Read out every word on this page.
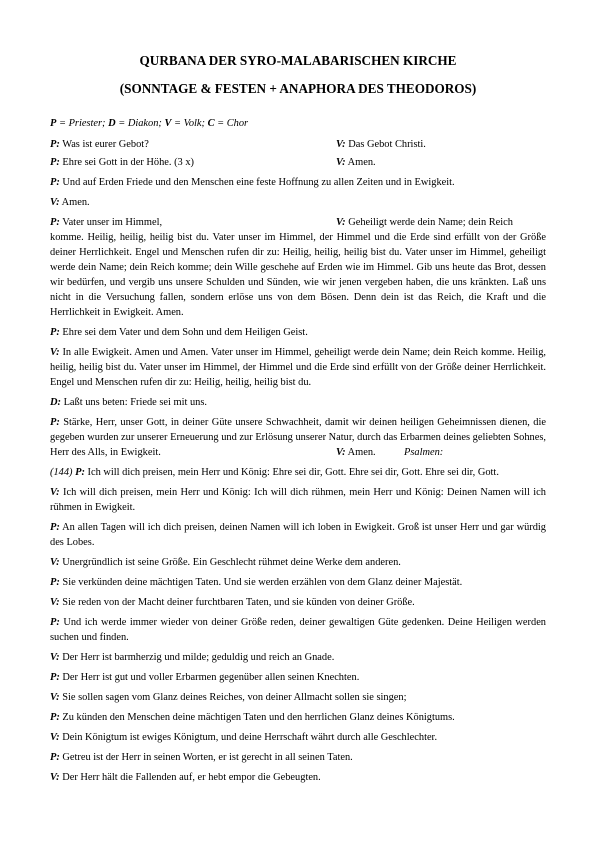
QURBANA DER SYRO-MALABARISCHEN KIRCHE
(SONNTAGE & FESTEN + ANAPHORA DES THEODOROS)
P = Priester; D = Diakon; V = Volk; C = Chor
P: Was ist eurer Gebot?	V: Das Gebot Christi.
P: Ehre sei Gott in der Höhe. (3 x)	V: Amen.
P: Und auf Erden Friede und den Menschen eine feste Hoffnung zu allen Zeiten und in Ewigkeit.
V: Amen.
P: Vater unser im Himmel,	V: Geheiligt werde dein Name; dein Reich
komme. Heilig, heilig, heilig bist du. Vater unser im Himmel, der Himmel und die Erde sind erfüllt von der Größe deiner Herrlichkeit. Engel und Menschen rufen dir zu: Heilig, heilig, heilig bist du. Vater unser im Himmel, geheiligt werde dein Name; dein Reich komme; dein Wille geschehe auf Erden wie im Himmel. Gib uns heute das Brot, dessen wir bedürfen, und vergib uns unsere Schulden und Sünden, wie wir jenen vergeben haben, die uns kränkten. Laß uns nicht in die Versuchung fallen, sondern erlöse uns von dem Bösen. Denn dein ist das Reich, die Kraft und die Herrlichkeit in Ewigkeit. Amen.
P: Ehre sei dem Vater und dem Sohn und dem Heiligen Geist.
V: In alle Ewigkeit. Amen und Amen. Vater unser im Himmel, geheiligt werde dein Name; dein Reich komme. Heilig, heilig, heilig bist du. Vater unser im Himmel, der Himmel und die Erde sind erfüllt von der Größe deiner Herrlichkeit. Engel und Menschen rufen dir zu: Heilig, heilig, heilig bist du.
D: Laßt uns beten: Friede sei mit uns.
P: Stärke, Herr, unser Gott, in deiner Güte unsere Schwachheit, damit wir deinen heiligen Geheimnissen dienen, die gegeben wurden zur unserer Erneuerung und zur Erlösung unserer Natur, durch das Erbarmen deines geliebten Sohnes, Herr des Alls, in Ewigkeit.	V: Amen.	Psalmen:
(144) P: Ich will dich preisen, mein Herr und König: Ehre sei dir, Gott. Ehre sei dir, Gott. Ehre sei dir, Gott.
V: Ich will dich preisen, mein Herr und König: Ich will dich rühmen, mein Herr und König: Deinen Namen will ich rühmen in Ewigkeit.
P: An allen Tagen will ich dich preisen, deinen Namen will ich loben in Ewigkeit. Groß ist unser Herr und gar würdig des Lobes.
V: Unergründlich ist seine Größe. Ein Geschlecht rühmet deine Werke dem anderen.
P: Sie verkünden deine mächtigen Taten. Und sie werden erzählen von dem Glanz deiner Majestät.
V: Sie reden von der Macht deiner furchtbaren Taten, und sie künden von deiner Größe.
P: Und ich werde immer wieder von deiner Größe reden, deiner gewaltigen Güte gedenken. Deine Heiligen werden suchen und finden.
V: Der Herr ist barmherzig und milde; geduldig und reich an Gnade.
P: Der Herr ist gut und voller Erbarmen gegenüber allen seinen Knechten.
V: Sie sollen sagen vom Glanz deines Reiches, von deiner Allmacht sollen sie singen;
P: Zu künden den Menschen deine mächtigen Taten und den herrlichen Glanz deines Königtums.
V: Dein Königtum ist ewiges Königtum, und deine Herrschaft währt durch alle Geschlechter.
P: Getreu ist der Herr in seinen Worten, er ist gerecht in all seinen Taten.
V: Der Herr hält die Fallenden auf, er hebt empor die Gebeugten.
